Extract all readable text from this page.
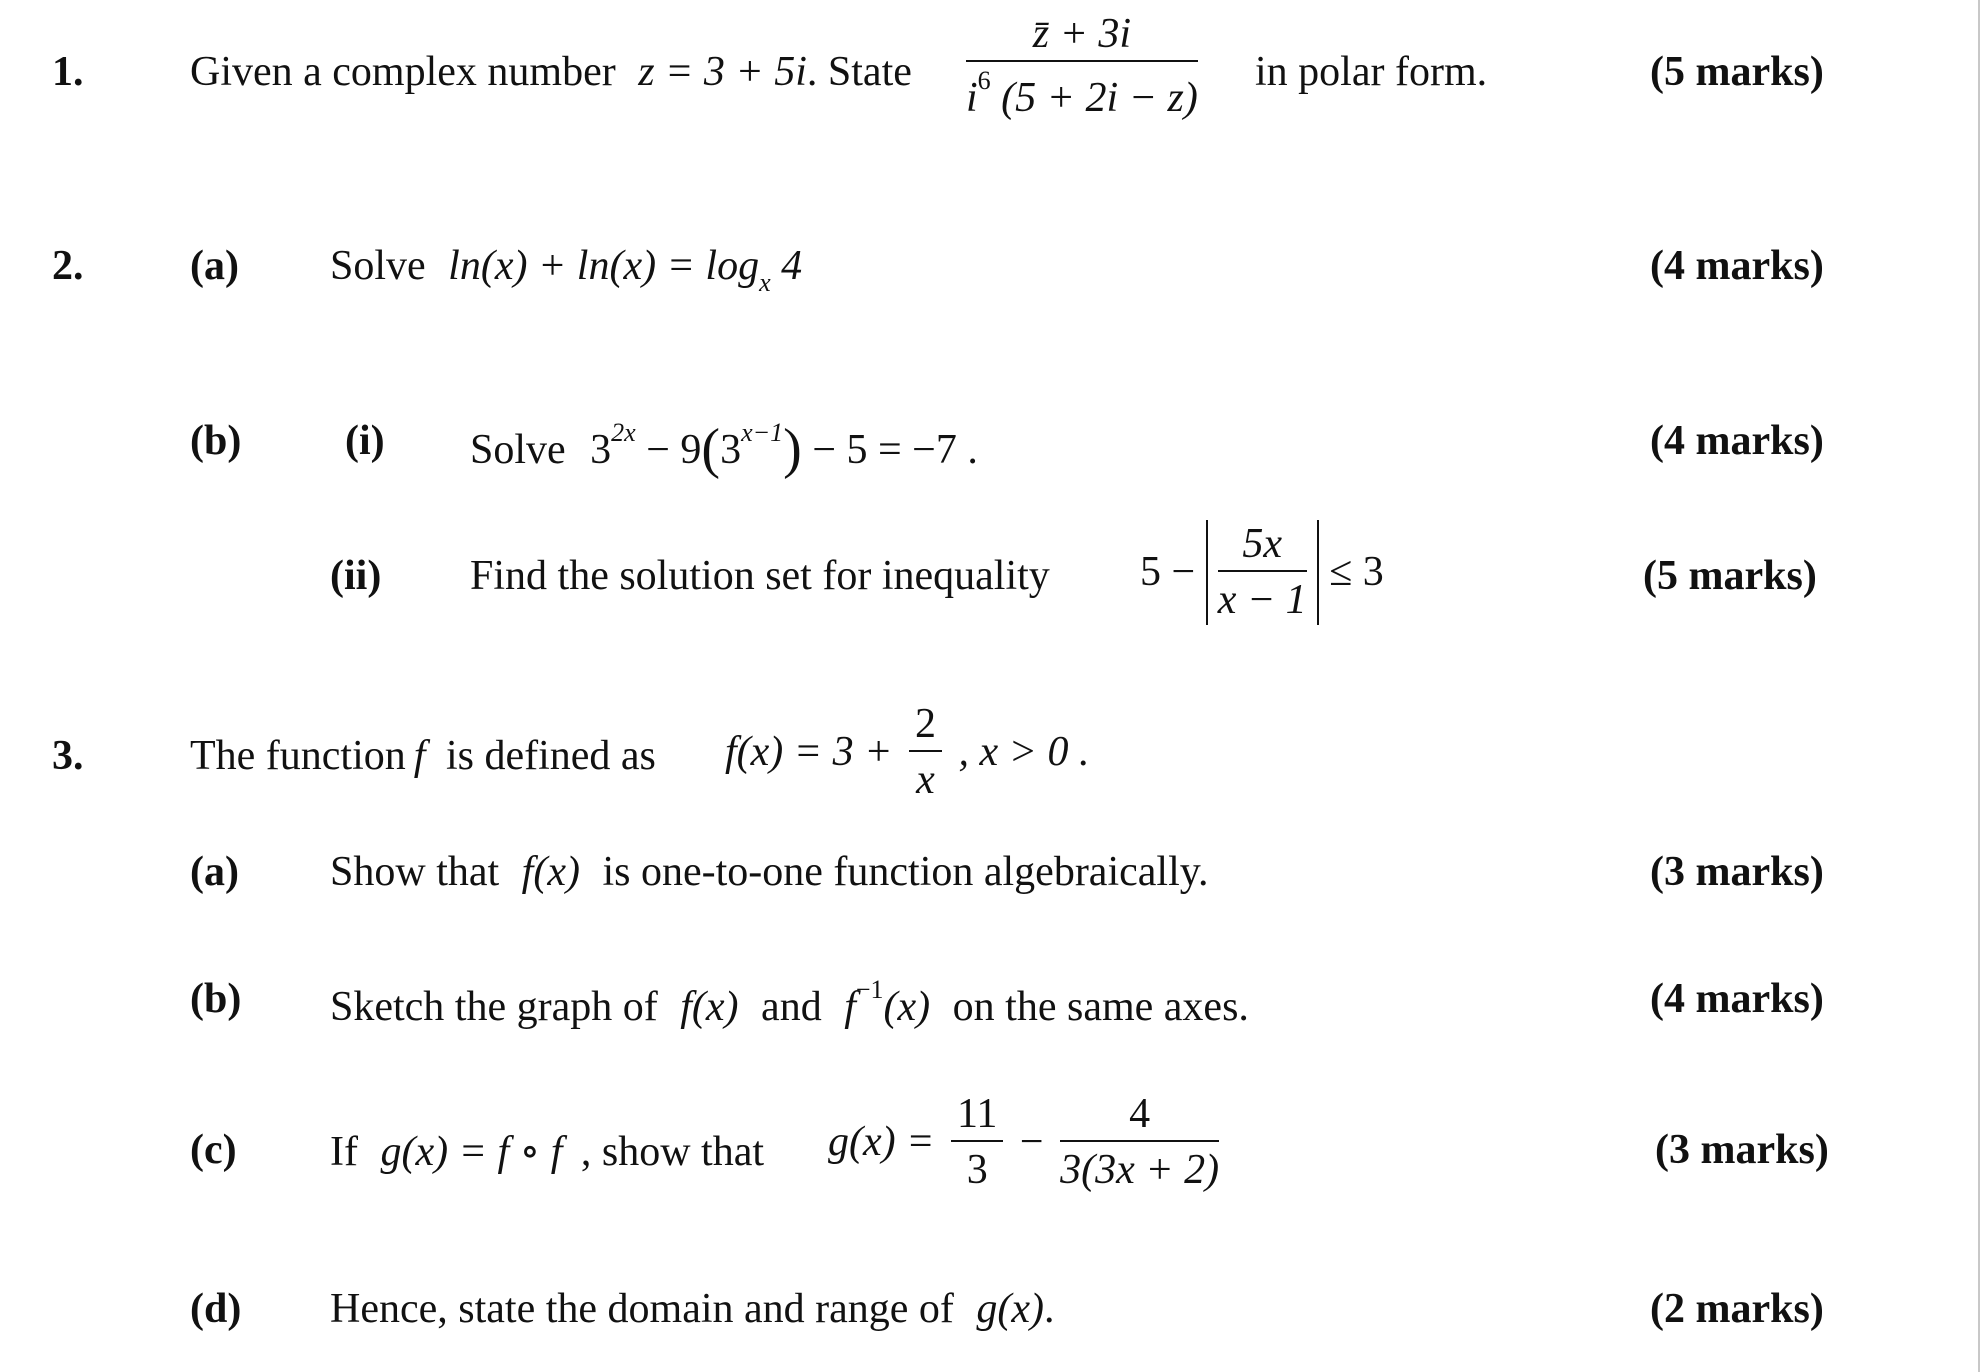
1.	Given a complex number z = 3 + 5i. State $\frac{z̄ + 3i}{i^6 (5 + 2i - z)}$ in polar form.	(5 marks)
2.	(a) Solve $\ln(x) + \ln(x) = \log_x 4$	(4 marks)
(b) (i) Solve $3^{2x} - 9(3^{x-1}) - 5 = -7$ .	(4 marks)
(ii) Find the solution set for inequality $5 - \frac{5x}{x - 1} \le 3$	(5 marks)
3.	The function f is defined as $f(x) = 3 + \frac{2}{x}$ , x > 0 .
(a) Show that f(x) is one-to-one function algebraically.	(3 marks)
(b) Sketch the graph of f(x) and $f^{-1}(x)$ on the same axes.	(4 marks)
(c) If g(x) = f ∘ f , show that $g(x) = \frac{11}{3} - \frac{4}{3(3x + 2)}$	(3 marks)
(d) Hence, state the domain and range of g(x).	(2 marks)
